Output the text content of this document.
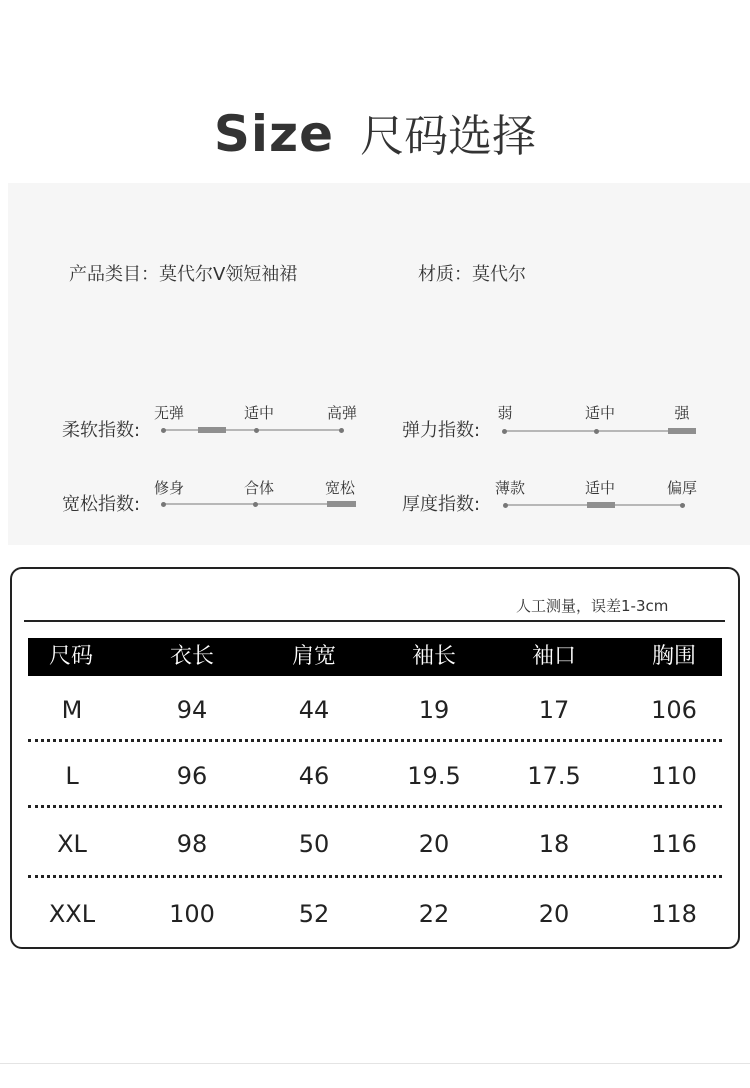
Size 尺码选择
产品类目：莫代尔V领短袖裙	材质：莫代尔
柔软指数:
无弹	适中	高弹
弹力指数:
弱	适中	强
宽松指数:
修身	合体	宽松
厚度指数:
薄款	适中	偏厚
人工测量，误差1-3cm
尺码	衣长	肩宽	袖长	袖口	胸围
M	94	44	19	17	106
L	96	46	19.5	17.5	110
XL	98	50	20	18	116
XXL	100	52	22	20	118
